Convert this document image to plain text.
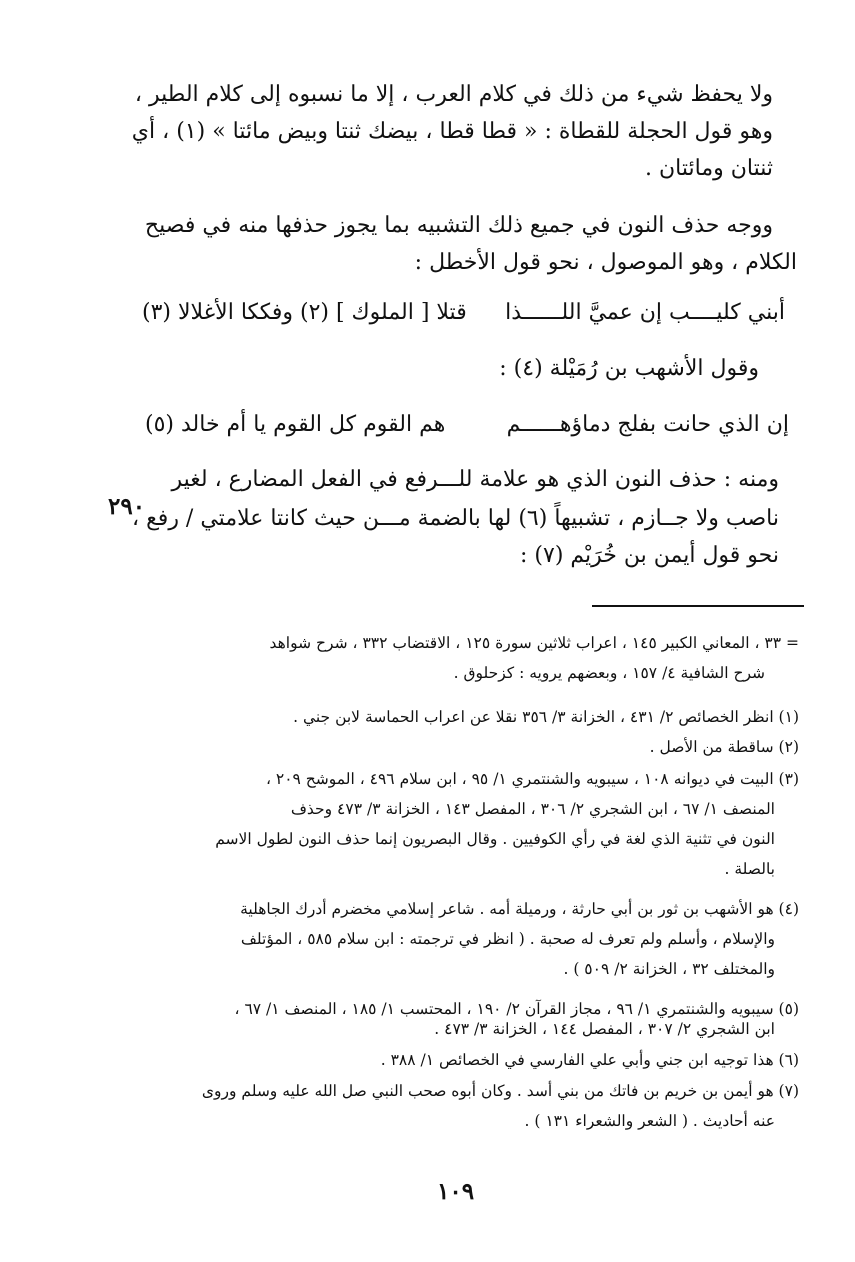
ولا يحفظ شيء من ذلك في كلام العرب ، إلا ما نسبوه إلى كلام الطير ،
وهو قول الحجلة للقطاة : « قطا قطا ، بيضك ثنتا وبيض مائتا » (١) ، أي
ثنتان ومائتان .
ووجه حذف النون في جميع ذلك التشبيه بما يجوز حذفها منه في فصيح
الكلام ، وهو الموصول ، نحو قول الأخطل :
أبني كليــــب إن عميَّ اللــــــذا
قتلا [ الملوك ] (٢) وفككا الأغلالا (٣)
وقول الأشهب بن رُمَيْلة (٤) :
إن الذي حانت بفلج دماؤهــــــم
هم القوم كل القوم يا أم خالد (٥)
ومنه : حذف النون الذي هو علامة للـــرفع في الفعل المضارع ، لغير
ناصب ولا جــازم ، تشبيهاً (٦) لها بالضمة مـــن حيث كانتا علامتي / رفع ،
نحو قول أيمن بن خُرَيْم (٧) :
٢٩٠
= ٣٣ ، المعاني الكبير ١٤٥ ، اعراب ثلاثين سورة ١٢٥ ، الاقتضاب ٣٣٢ ، شرح شواهد
شرح الشافية ٤/ ١٥٧ ، وبعضهم يرويه : كزحلوق .
(١) انظر الخصائص ٢/ ٤٣١ ، الخزانة ٣/ ٣٥٦ نقلا عن اعراب الحماسة لابن جني .
(٢) ساقطة من الأصل .
(٣) البيت في ديوانه ١٠٨ ، سيبويه والشنتمري ١/ ٩٥ ، ابن سلام ٤٩٦ ، الموشح ٢٠٩ ،
المنصف ١/ ٦٧ ، ابن الشجري ٢/ ٣٠٦ ، المفصل ١٤٣ ، الخزانة ٣/ ٤٧٣ وحذف
النون في تثنية الذي لغة في رأي الكوفيين . وقال البصريون إنما حذف النون لطول الاسم
بالصلة .
(٤) هو الأشهب بن ثور بن أبي حارثة ، ورميلة أمه . شاعر إسلامي مخضرم أدرك الجاهلية
والإسلام ، وأسلم ولم تعرف له صحبة . ( انظر في ترجمته : ابن سلام ٥٨٥ ، المؤتلف
والمختلف ٣٢ ، الخزانة ٢/ ٥٠٩ ) .
(٥) سيبويه والشنتمري ١/ ٩٦ ، مجاز القرآن ٢/ ١٩٠ ، المحتسب ١/ ١٨٥ ، المنصف ١/ ٦٧ ،
ابن الشجري ٢/ ٣٠٧ ، المفصل ١٤٤ ، الخزانة ٣/ ٤٧٣ .
(٦) هذا توجيه ابن جني وأبي علي الفارسي في الخصائص ١/ ٣٨٨ .
(٧) هو أيمن بن خريم بن فاتك من بني أسد . وكان أبوه صحب النبي صل الله عليه وسلم وروى
عنه أحاديث . ( الشعر والشعراء ١٣١ ) .
١٠٩
